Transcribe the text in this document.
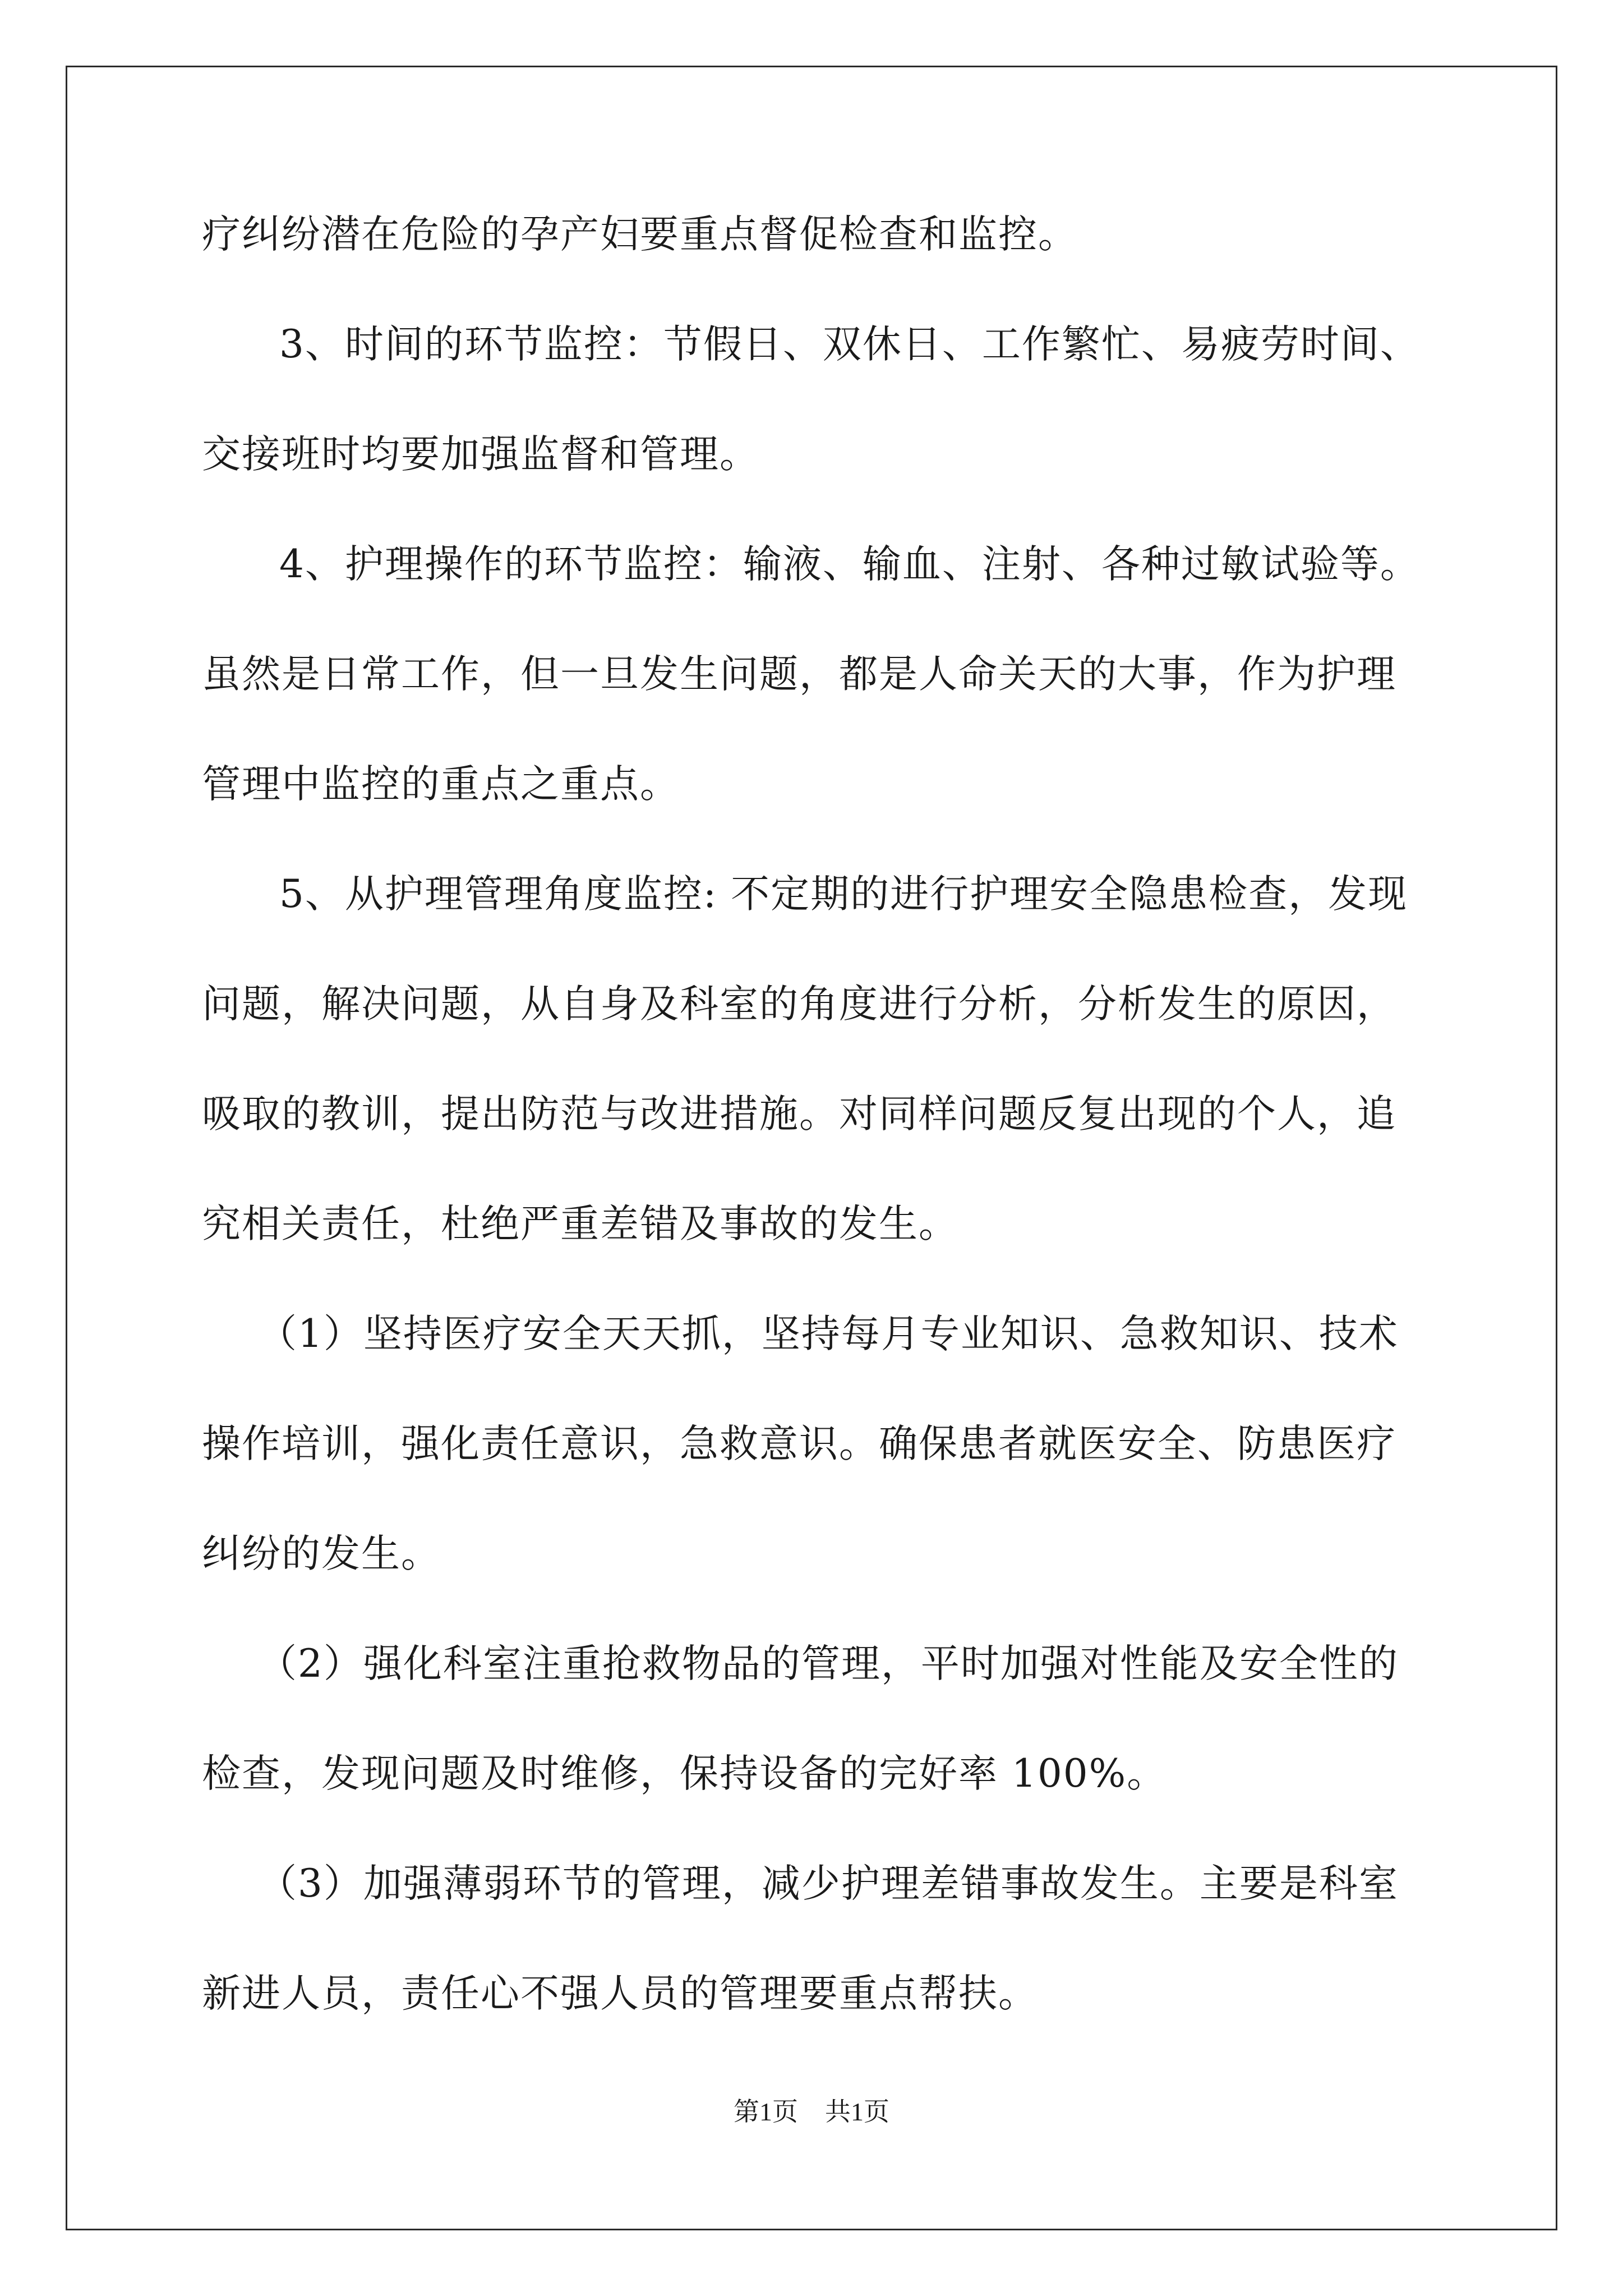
疗纠纷潜在危险的孕产妇要重点督促检查和监控。
3、时间的环节监控：节假日、双休日、工作繁忙、易疲劳时间、
交接班时均要加强监督和管理。
4、护理操作的环节监控：输液、输血、注射、各种过敏试验等。
虽然是日常工作，但一旦发生问题，都是人命关天的大事，作为护理
管理中监控的重点之重点。
5、从护理管理角度监控: 不定期的进行护理安全隐患检查，发现
问题，解决问题，从自身及科室的角度进行分析，分析发生的原因，
吸取的教训，提出防范与改进措施。对同样问题反复出现的个人，追
究相关责任，杜绝严重差错及事故的发生。
（1）坚持医疗安全天天抓，坚持每月专业知识、急救知识、技术
操作培训，强化责任意识，急救意识。确保患者就医安全、防患医疗
纠纷的发生。
（2）强化科室注重抢救物品的管理，平时加强对性能及安全性的
检查，发现问题及时维修，保持设备的完好率 100%。
（3）加强薄弱环节的管理，减少护理差错事故发生。主要是科室
新进人员，责任心不强人员的管理要重点帮扶。
第1页 共1页
